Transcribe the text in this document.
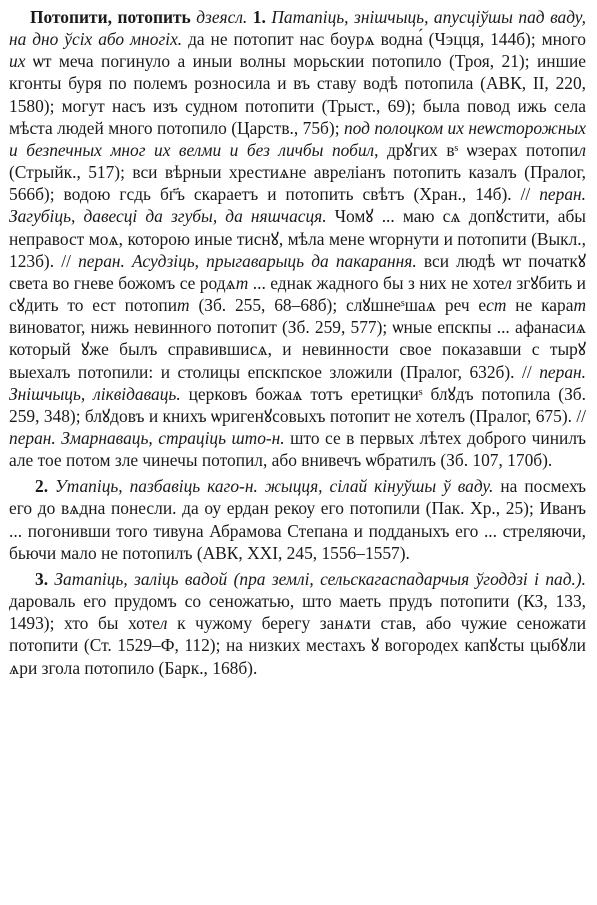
Потопити, потопить дзеясл. 1. Патапіць, знішчыць, апусціўшы пад ваду, на дно ўсіх або многіх. да не потопит нас боурѧ водна́ (Чэцця, 144б); много их ѡт меча погинуло а иныи волны морьскии потопило (Троя, 21); иншие кгонты буря по полемъ розносила и въ ставу водѣ потопила (АВК, II, 220, 1580); могут насъ изъ судном потопити (Трыст., 69); была повод ижь села мѣста людей много потопило (Царств., 75б); под полоцком их неѡсторожных и безпечных мног их велми и без личбы побил, дрꙋгих вˢ ѡзерах потопил (Стрыйк., 517); вси вѣрныи хрестиѧне авреліанъ потопить казалъ (Пралог, 566б); водою гсдь бг҃ъ скараетъ и потопить свѣтъ (Хран., 14б). // перан. Загубіць, давесці да згубы, да няшчасця. Чомꙋ ... маю сѧ допꙋстити, абы неправост моѧ, которою иные тиснꙋ, мѣла мене ѡгорнути и потопити (Выкл., 123б). // перан. Асудзіць, прыгаварыць да пакарання. вси людѣ ѡт початкꙋ света во гневе божомъ се родѧт ... еднак жадного бы з них не хотел згꙋбить и сꙋдить то ест потопит (Зб. 255, 68–68б); слꙋшнеˢшаѧ реч ест не карат виноватог, нижь невинного потопит (Зб. 259, 577); ѡные епскпы ... афанасиѧ который ꙋже былъ справившисѧ, и невинности свое показавши с тырꙋ выехалъ потопили: и столицы епскпское зложили (Пралог, 632б). // перан. Знішчыць, ліквідаваць. церковъ божаѧ тотъ еретицкиˢ блꙋдъ потопила (Зб. 259, 348); блꙋдовъ и книхъ ѡригенꙋсовыхъ потопит не хотелъ (Пралог, 675). // перан. Змарнаваць, страціць што-н. што се в первых лѣтех доброго чинилъ але тое потом зле чинечы потопил, або внивечъ ѡбратилъ (Зб. 107, 170б).

2. Утапіць, пазбавіць каго-н. жыцця, сілай кінуўшы ў ваду. на посмехъ его до вѧдна понесли. да оу ердан рекоу его потопили (Пак. Хр., 25); Иванъ ... погонивши того тивуна Абрамова Степана и подданыхъ его ... стреляючи, бьючи мало не потопилъ (АВК, XXI, 245, 1556–1557).

3. Затапіць, заліць вадой (пра землі, сельскагаспадарчыя ўгоддзі і пад.). дароваль его прудомъ со сеножатью, што маеть прудъ потопити (КЗ, 133, 1493); хто бы хотел к чужому берегу занѧти став, або чужие сеножати потопити (Ст. 1529–Ф, 112); на низких местахъ ꙋ вогородех капꙋсты цыбꙋли ѧри згола потопило (Барк., 168б).
